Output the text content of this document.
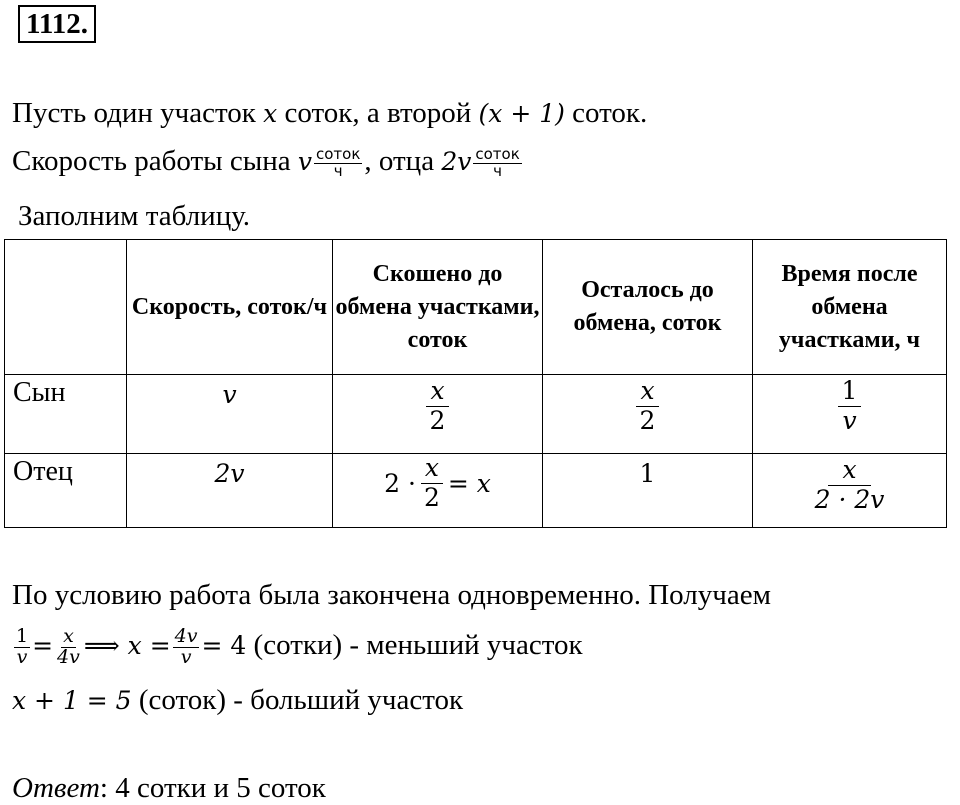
1112.
Пусть один участок x соток, а второй (x + 1) соток.
Скорость работы сына v $\frac{\text{соток}}{ч}$ , отца $2v \frac{\text{соток}}{ч}$
Заполним таблицу.
	Скорость, соток/ч	Скошено до обмена участками, соток	Осталось до обмена, соток	Время после обмена участками, ч
Сын	v	$\frac{x}{2}$	$\frac{x}{2}$	$\frac{1}{v}$

Отец	2v	$2 \cdot \frac{x}{2} = x$	1	$\frac{x}{2 \cdot 2v}$
По условию работа была закончена одновременно. Получаем
$\frac{1}{v} = \frac{x}{4v}$ ⟹ $x = \frac{4v}{v} = 4$ (сотки) - меньший участок
x + 1 = 5 (соток) - больший участок
Ответ: 4 сотки и 5 соток
